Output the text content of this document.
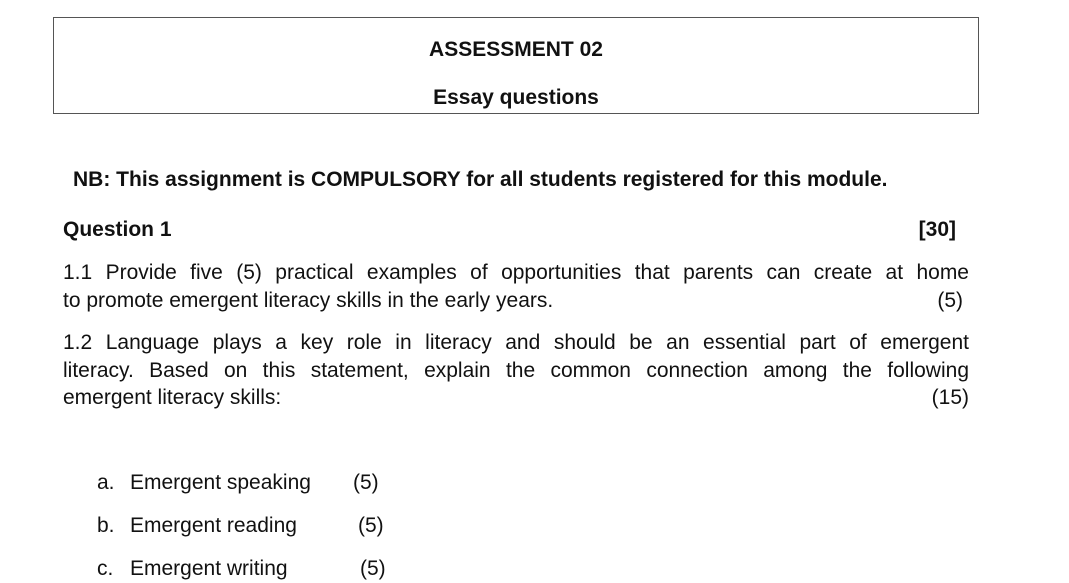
ASSESSMENT 02
Essay questions
NB: This assignment is COMPULSORY for all students registered for this module.
Question 1	[30]
1.1 Provide five (5) practical examples of opportunities that parents can create at home
to promote emergent literacy skills in the early years.	(5)
1.2 Language plays a key role in literacy and should be an essential part of emergent
literacy. Based on this statement, explain the common connection among the following
emergent literacy skills:	(15)
a. Emergent speaking (5)
b. Emergent reading	(5)
c. Emergent writing	(5)
